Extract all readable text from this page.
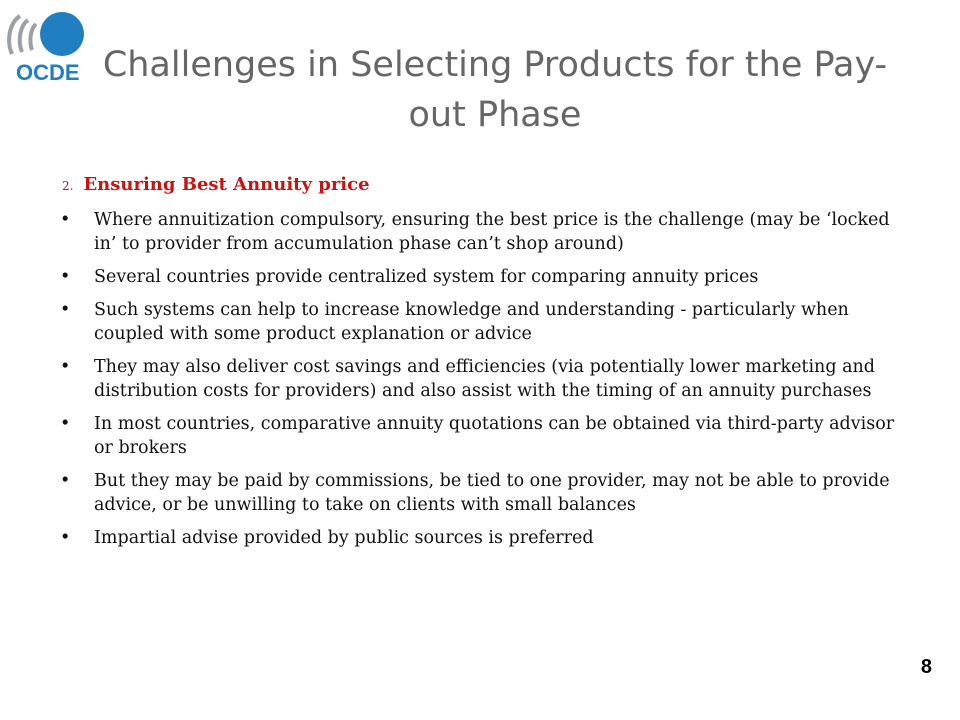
OCDE Challenges in Selecting Products for the Pay-out Phase
2. Ensuring Best Annuity price
• Where annuitization compulsory, ensuring the best price is the challenge (may be ‘locked in’ to provider from accumulation phase can’t shop around)
• Several countries provide centralized system for comparing annuity prices
• Such systems can help to increase knowledge and understanding - particularly when coupled with some product explanation or advice
• They may also deliver cost savings and efficiencies (via potentially lower marketing and distribution costs for providers) and also assist with the timing of an annuity purchases
• In most countries, comparative annuity quotations can be obtained via third-party advisor or brokers
• But they may be paid by commissions, be tied to one provider, may not be able to provide advice, or be unwilling to take on clients with small balances
• Impartial advise provided by public sources is preferred
8
